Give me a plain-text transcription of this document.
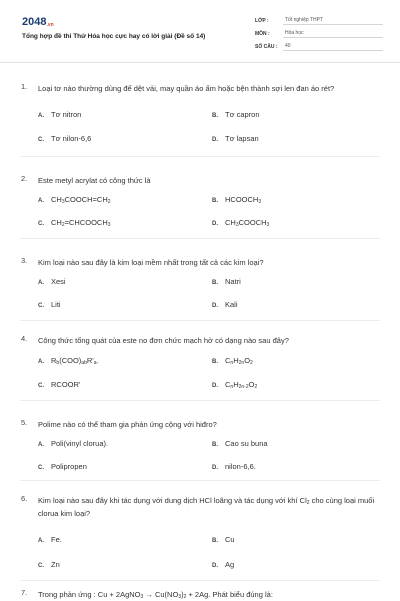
$2048_{.vn}$
Tổng hợp đề thi Thử Hóa học cực hay có lời giải (Đề số 14)
LỚP :	Tốt nghiệp THPT
MÔN :	Hóa học
SỐ CÂU :	40
1. Loại tơ nào thường dùng để dệt vải, may quần áo ấm hoặc bện thành sợi len đan áo rét?
A. Tơ nitron	B. Tơ capron
C. Tơ nilon-6,6	D. Tơ lapsan
2. Este metyl acrylat có công thức là
A. $CH_3COOCH=CH_2$	B. $HCOOCH_3$
C. $CH_2=CHCOOCH_3$	D. $CH_3COOCH_3$
3. Kim loại nào sau đây là kim loại mềm nhất trong tất cả các kim loại?
A. Xesi	B. Natri
C. Liti	D. Kali
4. Công thức tổng quát của este no đơn chức mạch hở có dạng nào sau đây?
A. $R_b(COO)_{ab}R'_a$.	B. $C_nH_{2n}O_2$
C. RCOOR'	D. $C_nH_{2n-2}O_2$
5. Polime nào có thể tham gia phản ứng cộng với hiđro?
A. Poli(vinyl clorua).	B. Cao su buna
C. Polipropen	D. nilon-6,6.
6. Kim loại nào sau đây khi tác dụng với dung dịch HCl loãng và tác dụng với khí $Cl_2$ cho cùng loại muối clorua kim loại?
A. Fe.	B. Cu
C. Zn	D. Ag
7. Trong phản ứng : Cu + 2AgNO$_3$ → $Cu(NO_3)_2 + 2Ag$. Phát biểu đúng là:
